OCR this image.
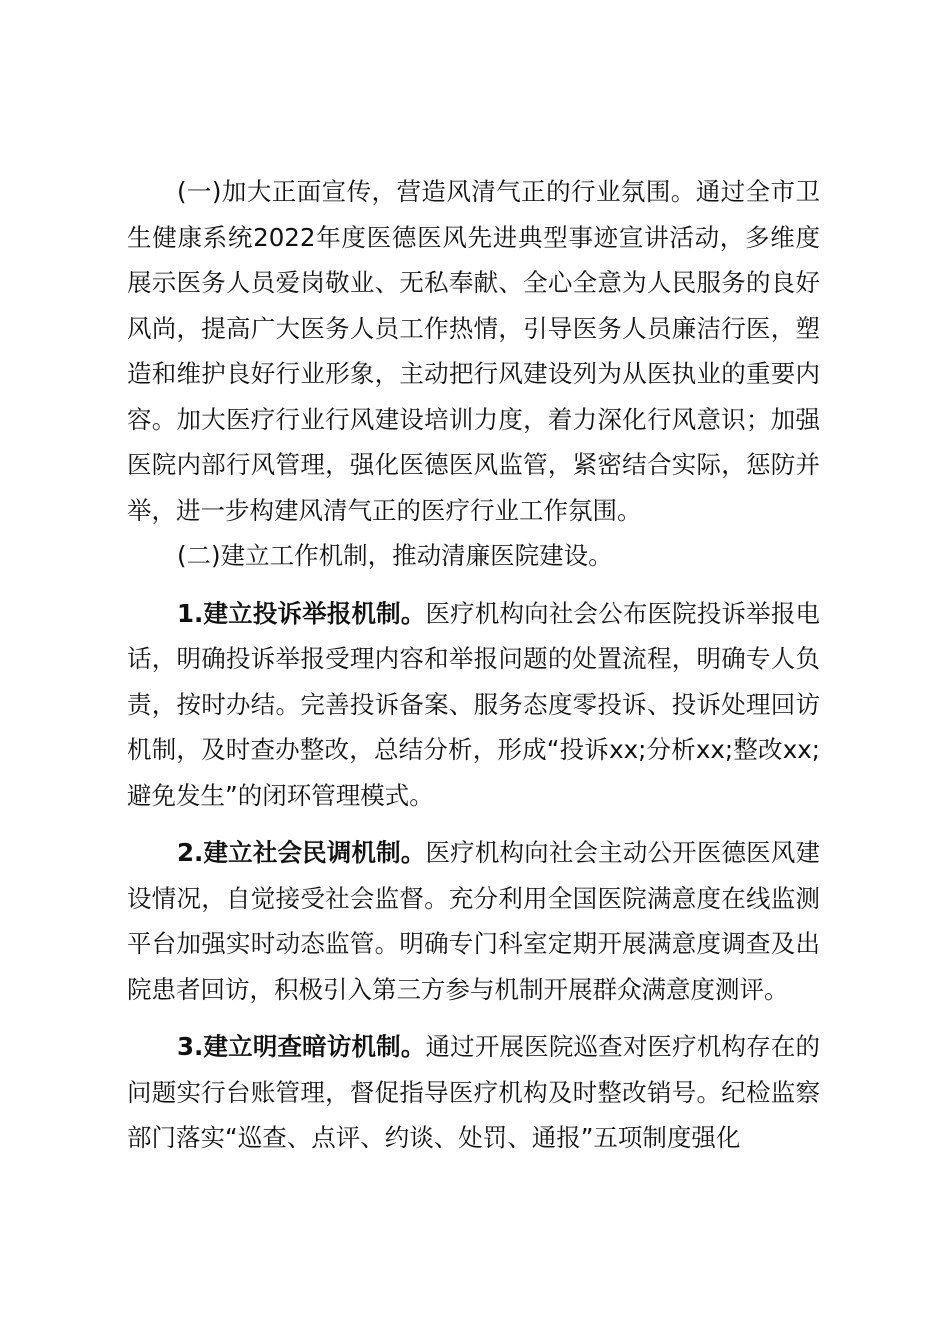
(一)加大正面宣传，营造风清气正的行业氛围。通过全市卫生健康系统2022年度医德医风先进典型事迹宣讲活动，多维度展示医务人员爱岗敬业、无私奉献、全心全意为人民服务的良好风尚，提高广大医务人员工作热情，引导医务人员廉洁行医，塑造和维护良好行业形象，主动把行风建设列为从医执业的重要内容。加大医疗行业行风建设培训力度，着力深化行风意识；加强医院内部行风管理，强化医德医风监管，紧密结合实际，惩防并举，进一步构建风清气正的医疗行业工作氛围。

(二)建立工作机制，推动清廉医院建设。

1.建立投诉举报机制。医疗机构向社会公布医院投诉举报电话，明确投诉举报受理内容和举报问题的处置流程，明确专人负责，按时办结。完善投诉备案、服务态度零投诉、投诉处理回访机制，及时查办整改，总结分析，形成“投诉xx;分析xx;整改xx;避免发生”的闭环管理模式。

2.建立社会民调机制。医疗机构向社会主动公开医德医风建设情况，自觉接受社会监督。充分利用全国医院满意度在线监测平台加强实时动态监管。明确专门科室定期开展满意度调查及出院患者回访，积极引入第三方参与机制开展群众满意度测评。

3.建立明查暗访机制。通过开展医院巡查对医疗机构存在的问题实行台账管理，督促指导医疗机构及时整改销号。纪检监察部门落实“巡查、点评、约谈、处罚、通报”五项制度强化
